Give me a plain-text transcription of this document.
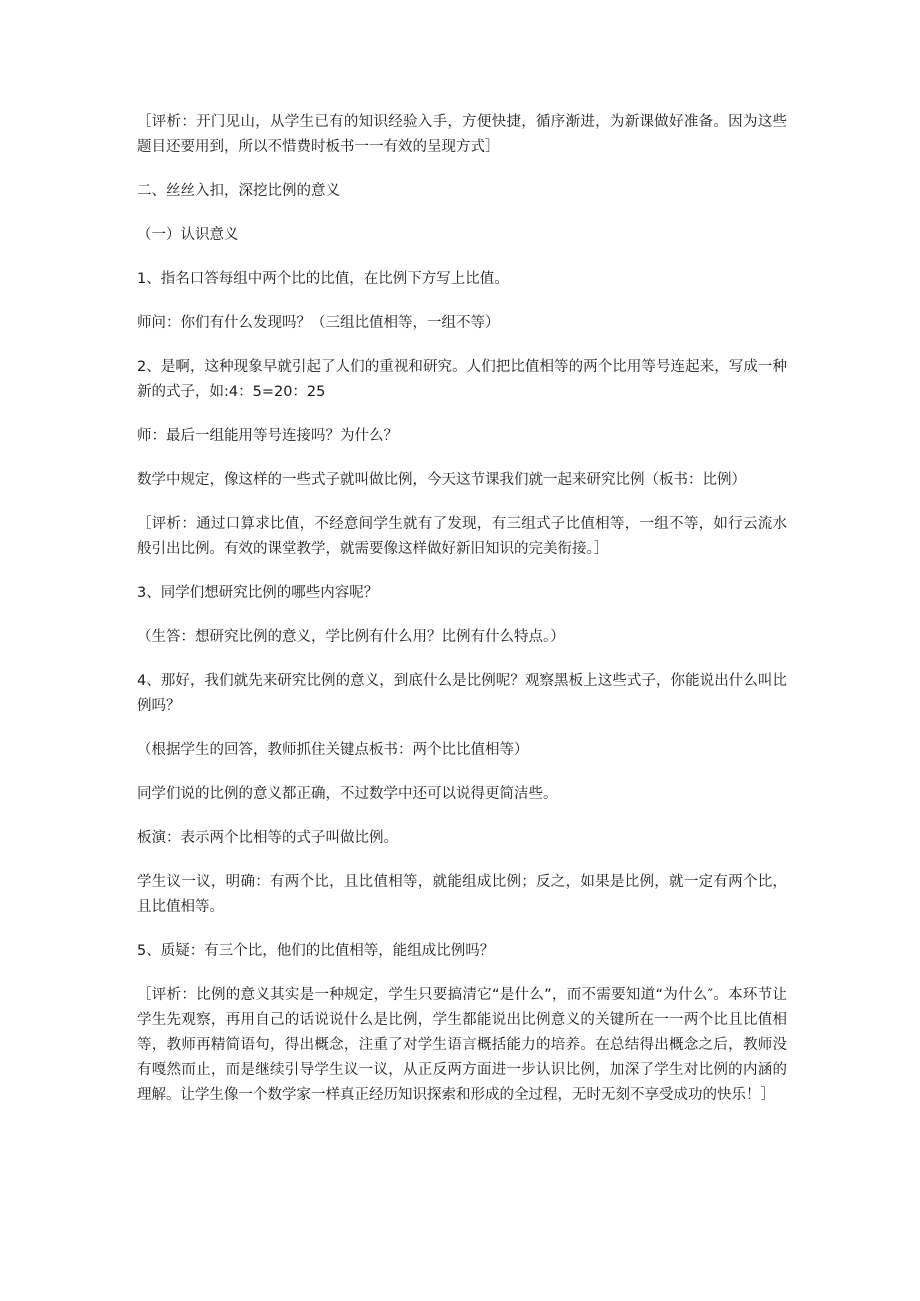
［评析：开门见山，从学生已有的知识经验入手，方便快捷，循序渐进，为新课做好准备。因为这些题目还要用到，所以不惜费时板书一一有效的呈现方式］

二、丝丝入扣，深挖比例的意义

（一）认识意义

1、指名口答每组中两个比的比值，在比例下方写上比值。

师问：你们有什么发现吗？（三组比值相等，一组不等）

2、是啊，这种现象早就引起了人们的重视和研究。人们把比值相等的两个比用等号连起来，写成一种新的式子，如:4：5=20：25

师：最后一组能用等号连接吗？为什么？

数学中规定，像这样的一些式子就叫做比例，今天这节课我们就一起来研究比例（板书：比例）

［评析：通过口算求比值，不经意间学生就有了发现，有三组式子比值相等，一组不等，如行云流水般引出比例。有效的课堂教学，就需要像这样做好新旧知识的完美衔接。］

3、同学们想研究比例的哪些内容呢？

（生答：想研究比例的意义，学比例有什么用？比例有什么特点。）

4、那好，我们就先来研究比例的意义，到底什么是比例呢？观察黑板上这些式子，你能说出什么叫比例吗？

（根据学生的回答，教师抓住关键点板书：两个比比值相等）

同学们说的比例的意义都正确，不过数学中还可以说得更简洁些。

板演：表示两个比相等的式子叫做比例。

学生议一议，明确：有两个比，且比值相等，就能组成比例；反之，如果是比例，就一定有两个比，且比值相等。

5、质疑：有三个比，他们的比值相等，能组成比例吗？

［评析：比例的意义其实是一种规定，学生只要搞清它“是什么”，而不需要知道“为什么″。本环节让学生先观察，再用自己的话说说什么是比例，学生都能说出比例意义的关键所在一一两个比且比值相等，教师再精简语句，得出概念，注重了对学生语言概括能力的培养。在总结得出概念之后，教师没有嘎然而止，而是继续引导学生议一议，从正反两方面进一步认识比例，加深了学生对比例的内涵的理解。让学生像一个数学家一样真正经历知识探索和形成的全过程，无时无刻不享受成功的快乐！］
